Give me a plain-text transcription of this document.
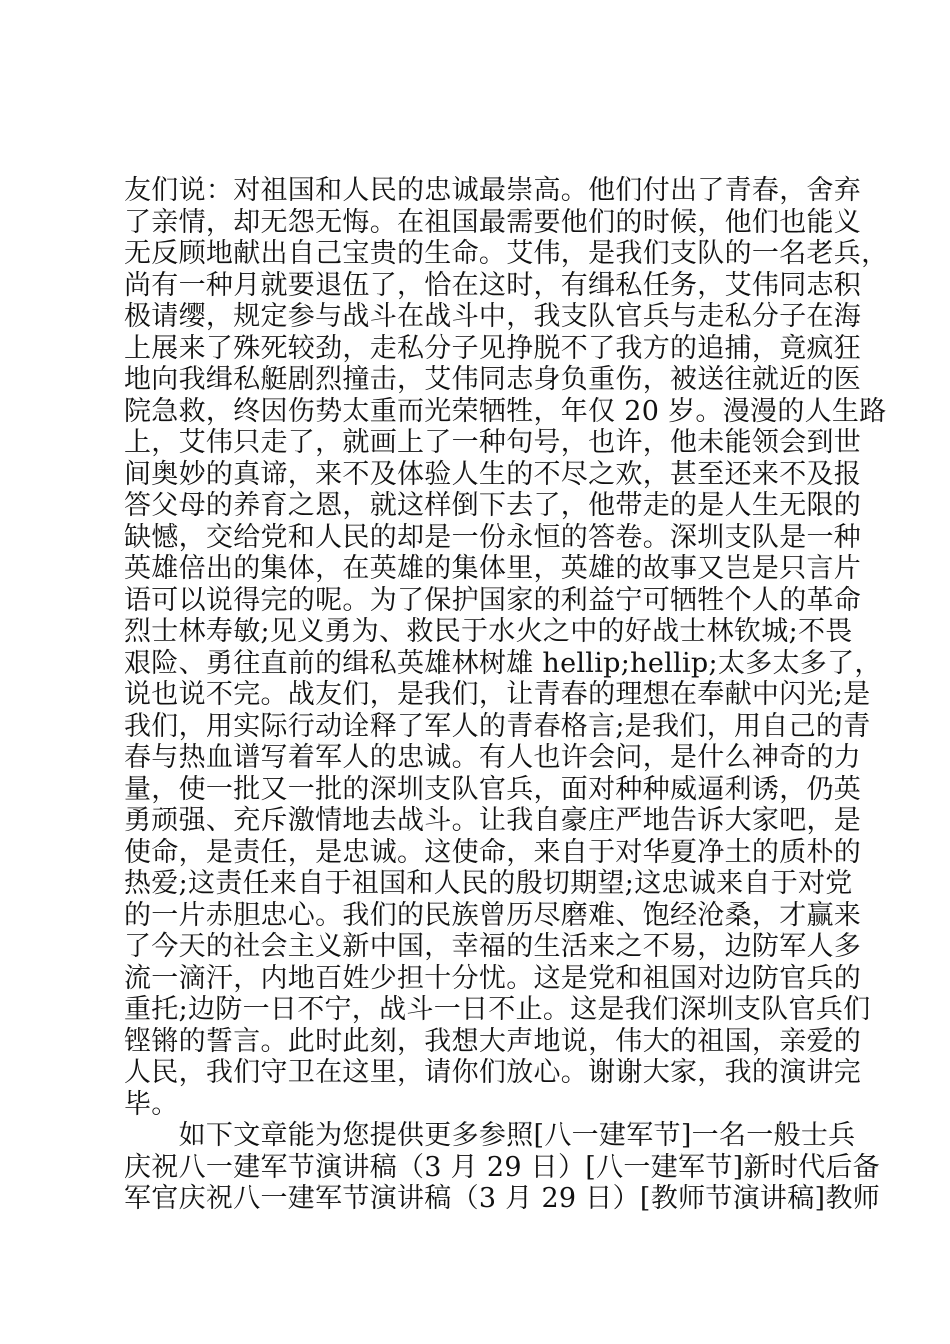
友们说：对祖国和人民的忠诚最崇高。他们付出了青春，舍弃
了亲情，却无怨无悔。在祖国最需要他们的时候，他们也能义
无反顾地献出自己宝贵的生命。艾伟，是我们支队的一名老兵，
尚有一种月就要退伍了，恰在这时，有缉私任务，艾伟同志积
极请缨，规定参与战斗在战斗中，我支队官兵与走私分子在海
上展来了殊死较劲，走私分子见挣脱不了我方的追捕，竟疯狂
地向我缉私艇剧烈撞击，艾伟同志身负重伤，被送往就近的医
院急救，终因伤势太重而光荣牺牲，年仅 20 岁。漫漫的人生路
上，艾伟只走了，就画上了一种句号，也许，他未能领会到世
间奥妙的真谛，来不及体验人生的不尽之欢，甚至还来不及报
答父母的养育之恩，就这样倒下去了，他带走的是人生无限的
缺憾，交给党和人民的却是一份永恒的答卷。深圳支队是一种
英雄倍出的集体，在英雄的集体里，英雄的故事又岂是只言片
语可以说得完的呢。为了保护国家的利益宁可牺牲个人的革命
烈士林寿敏;见义勇为、救民于水火之中的好战士林钦城;不畏
艰险、勇往直前的缉私英雄林树雄 hellip;hellip;太多太多了，
说也说不完。战友们，是我们，让青春的理想在奉献中闪光;是
我们，用实际行动诠释了军人的青春格言;是我们，用自己的青
春与热血谱写着军人的忠诚。有人也许会问，是什么神奇的力
量，使一批又一批的深圳支队官兵，面对种种威逼利诱，仍英
勇顽强、充斥激情地去战斗。让我自豪庄严地告诉大家吧，是
使命，是责任，是忠诚。这使命，来自于对华夏净土的质朴的
热爱;这责任来自于祖国和人民的殷切期望;这忠诚来自于对党
的一片赤胆忠心。我们的民族曾历尽磨难、饱经沧桑，才赢来
了今天的社会主义新中国，幸福的生活来之不易，边防军人多
流一滴汗，内地百姓少担十分忧。这是党和祖国对边防官兵的
重托;边防一日不宁，战斗一日不止。这是我们深圳支队官兵们
铿锵的誓言。此时此刻，我想大声地说，伟大的祖国，亲爱的
人民，我们守卫在这里，请你们放心。谢谢大家，我的演讲完
毕。
　　如下文章能为您提供更多参照[八一建军节]一名一般士兵
庆祝八一建军节演讲稿（3 月 29 日）[八一建军节]新时代后备
军官庆祝八一建军节演讲稿（3 月 29 日）[教师节演讲稿]教师
